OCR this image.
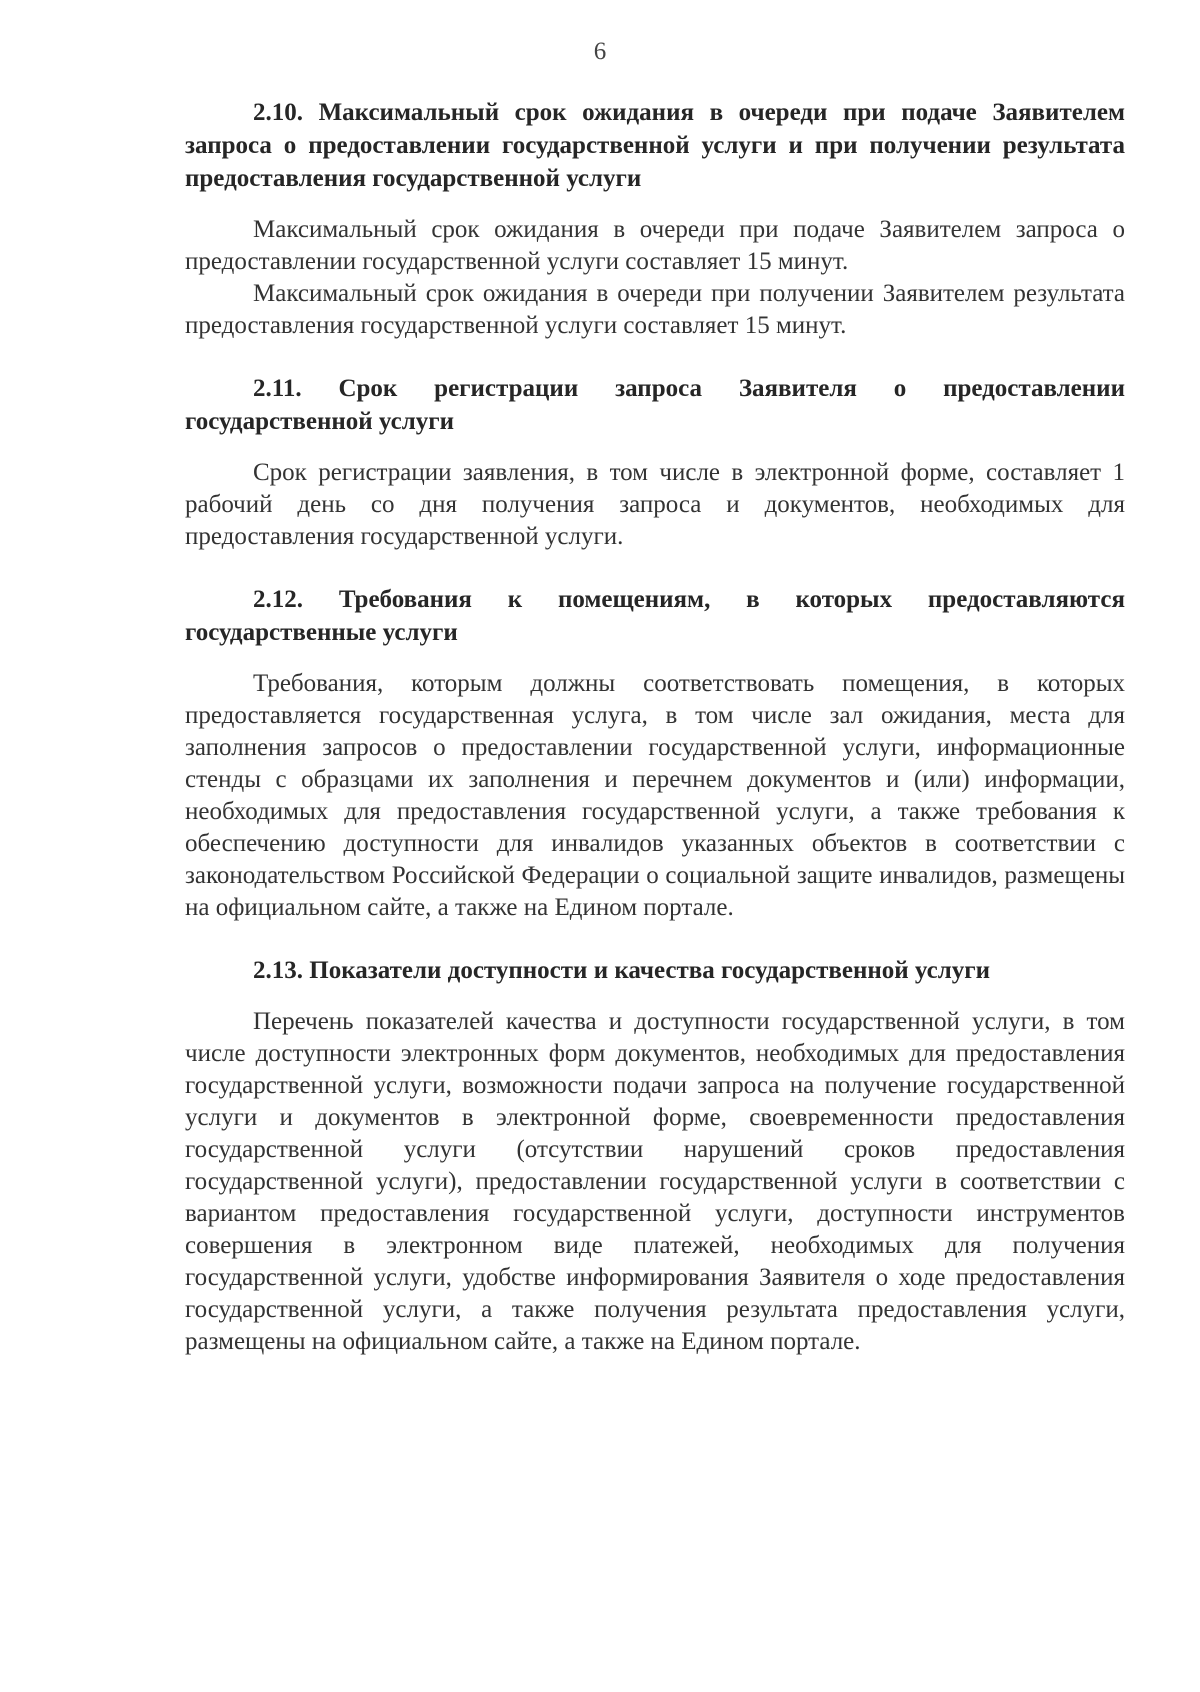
6

2.10. Максимальный срок ожидания в очереди при подаче Заявителем запроса о предоставлении государственной услуги и при получении результата предоставления государственной услуги

Максимальный срок ожидания в очереди при подаче Заявителем запроса о предоставлении государственной услуги составляет 15 минут.

Максимальный срок ожидания в очереди при получении Заявителем результата предоставления государственной услуги составляет 15 минут.

2.11. Срок регистрации запроса Заявителя о предоставлении государственной услуги

Срок регистрации заявления, в том числе в электронной форме, составляет 1 рабочий день со дня получения запроса и документов, необходимых для предоставления государственной услуги.

2.12. Требования к помещениям, в которых предоставляются государственные услуги

Требования, которым должны соответствовать помещения, в которых предоставляется государственная услуга, в том числе зал ожидания, места для заполнения запросов о предоставлении государственной услуги, информационные стенды с образцами их заполнения и перечнем документов и (или) информации, необходимых для предоставления государственной услуги, а также требования к обеспечению доступности для инвалидов указанных объектов в соответствии с законодательством Российской Федерации о социальной защите инвалидов, размещены на официальном сайте, а также на Едином портале.

2.13. Показатели доступности и качества государственной услуги

Перечень показателей качества и доступности государственной услуги, в том числе доступности электронных форм документов, необходимых для предоставления государственной услуги, возможности подачи запроса на получение государственной услуги и документов в электронной форме, своевременности предоставления государственной услуги (отсутствии нарушений сроков предоставления государственной услуги), предоставлении государственной услуги в соответствии с вариантом предоставления государственной услуги, доступности инструментов совершения в электронном виде платежей, необходимых для получения государственной услуги, удобстве информирования Заявителя о ходе предоставления государственной услуги, а также получения результата предоставления услуги, размещены на официальном сайте, а также на Едином портале.
